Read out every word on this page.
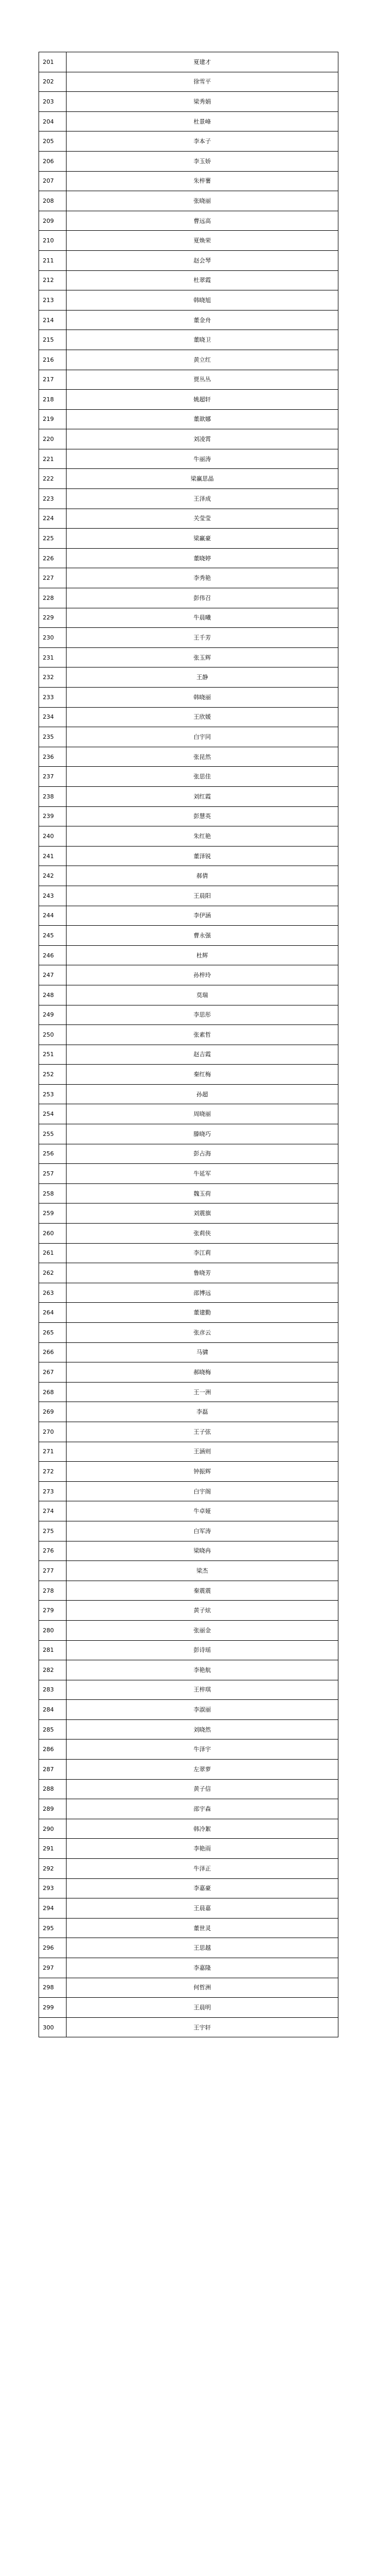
201	夏建才
202	徐雪平
203	梁秀娟
204	杜景峰
205	李本子
206	李玉娇
207	朱梓薯
208	张晓丽
209	曹远高
210	夏焕荣
211	赵会琴
212	杜翠霞
213	韩晓旭
214	董金舟
215	董晓卫
216	黄立红
217	贾丛丛
218	姚超轩
219	董歆娜
220	刘凌霄
221	牛丽涛
222	梁赢思晶
223	王泽成
224	关莹莹
225	梁赢豪
226	董晓婷
227	李秀艳
228	彭伟召
229	牛晨曦
230	王千芳
231	张玉辉
232	王静
233	韩晓丽
234	王欣媛
235	白宇同
236	张昆然
237	张思佳
238	刘红霞
239	彭慧英
240	朱红艳
241	董泽锐
242	郝倩
243	王晨阳
244	李伊涵
245	曹永强
246	杜辉
247	孙梓玲
248	莫瑞
249	李思彤
250	张素哲
251	赵吉霞
252	秦红梅
253	孙超
254	周晓丽
255	滕晓巧
256	彭占海
257	牛延军
258	魏玉荷
259	刘震旗
260	张莉侠
261	李江莉
262	鲁晓芳
263	邵博远
264	董建勤
265	张彦云
266	马骕
267	郝晓梅
268	王一洲
269	李磊
270	王子弦
271	王涵则
272	钟振辉
273	白宇阁
274	牛卓娅
275	白军涛
276	梁晓冉
277	梁杰
278	秦震震
279	黄子炫
280	张丽金
281	彭诗瑶
282	李艳航
283	王梓琪
284	李淑丽
285	刘晓然
286	牛泽宇
287	左翠萝
288	黄子信
289	邵宇森
290	韩冷絮
291	李艳雨
292	牛泽正
293	李嘉豪
294	王晨嘉
295	董世灵
296	王思越
297	李嘉隆
298	何哲洲
299	王晨明
300	王宇轩
